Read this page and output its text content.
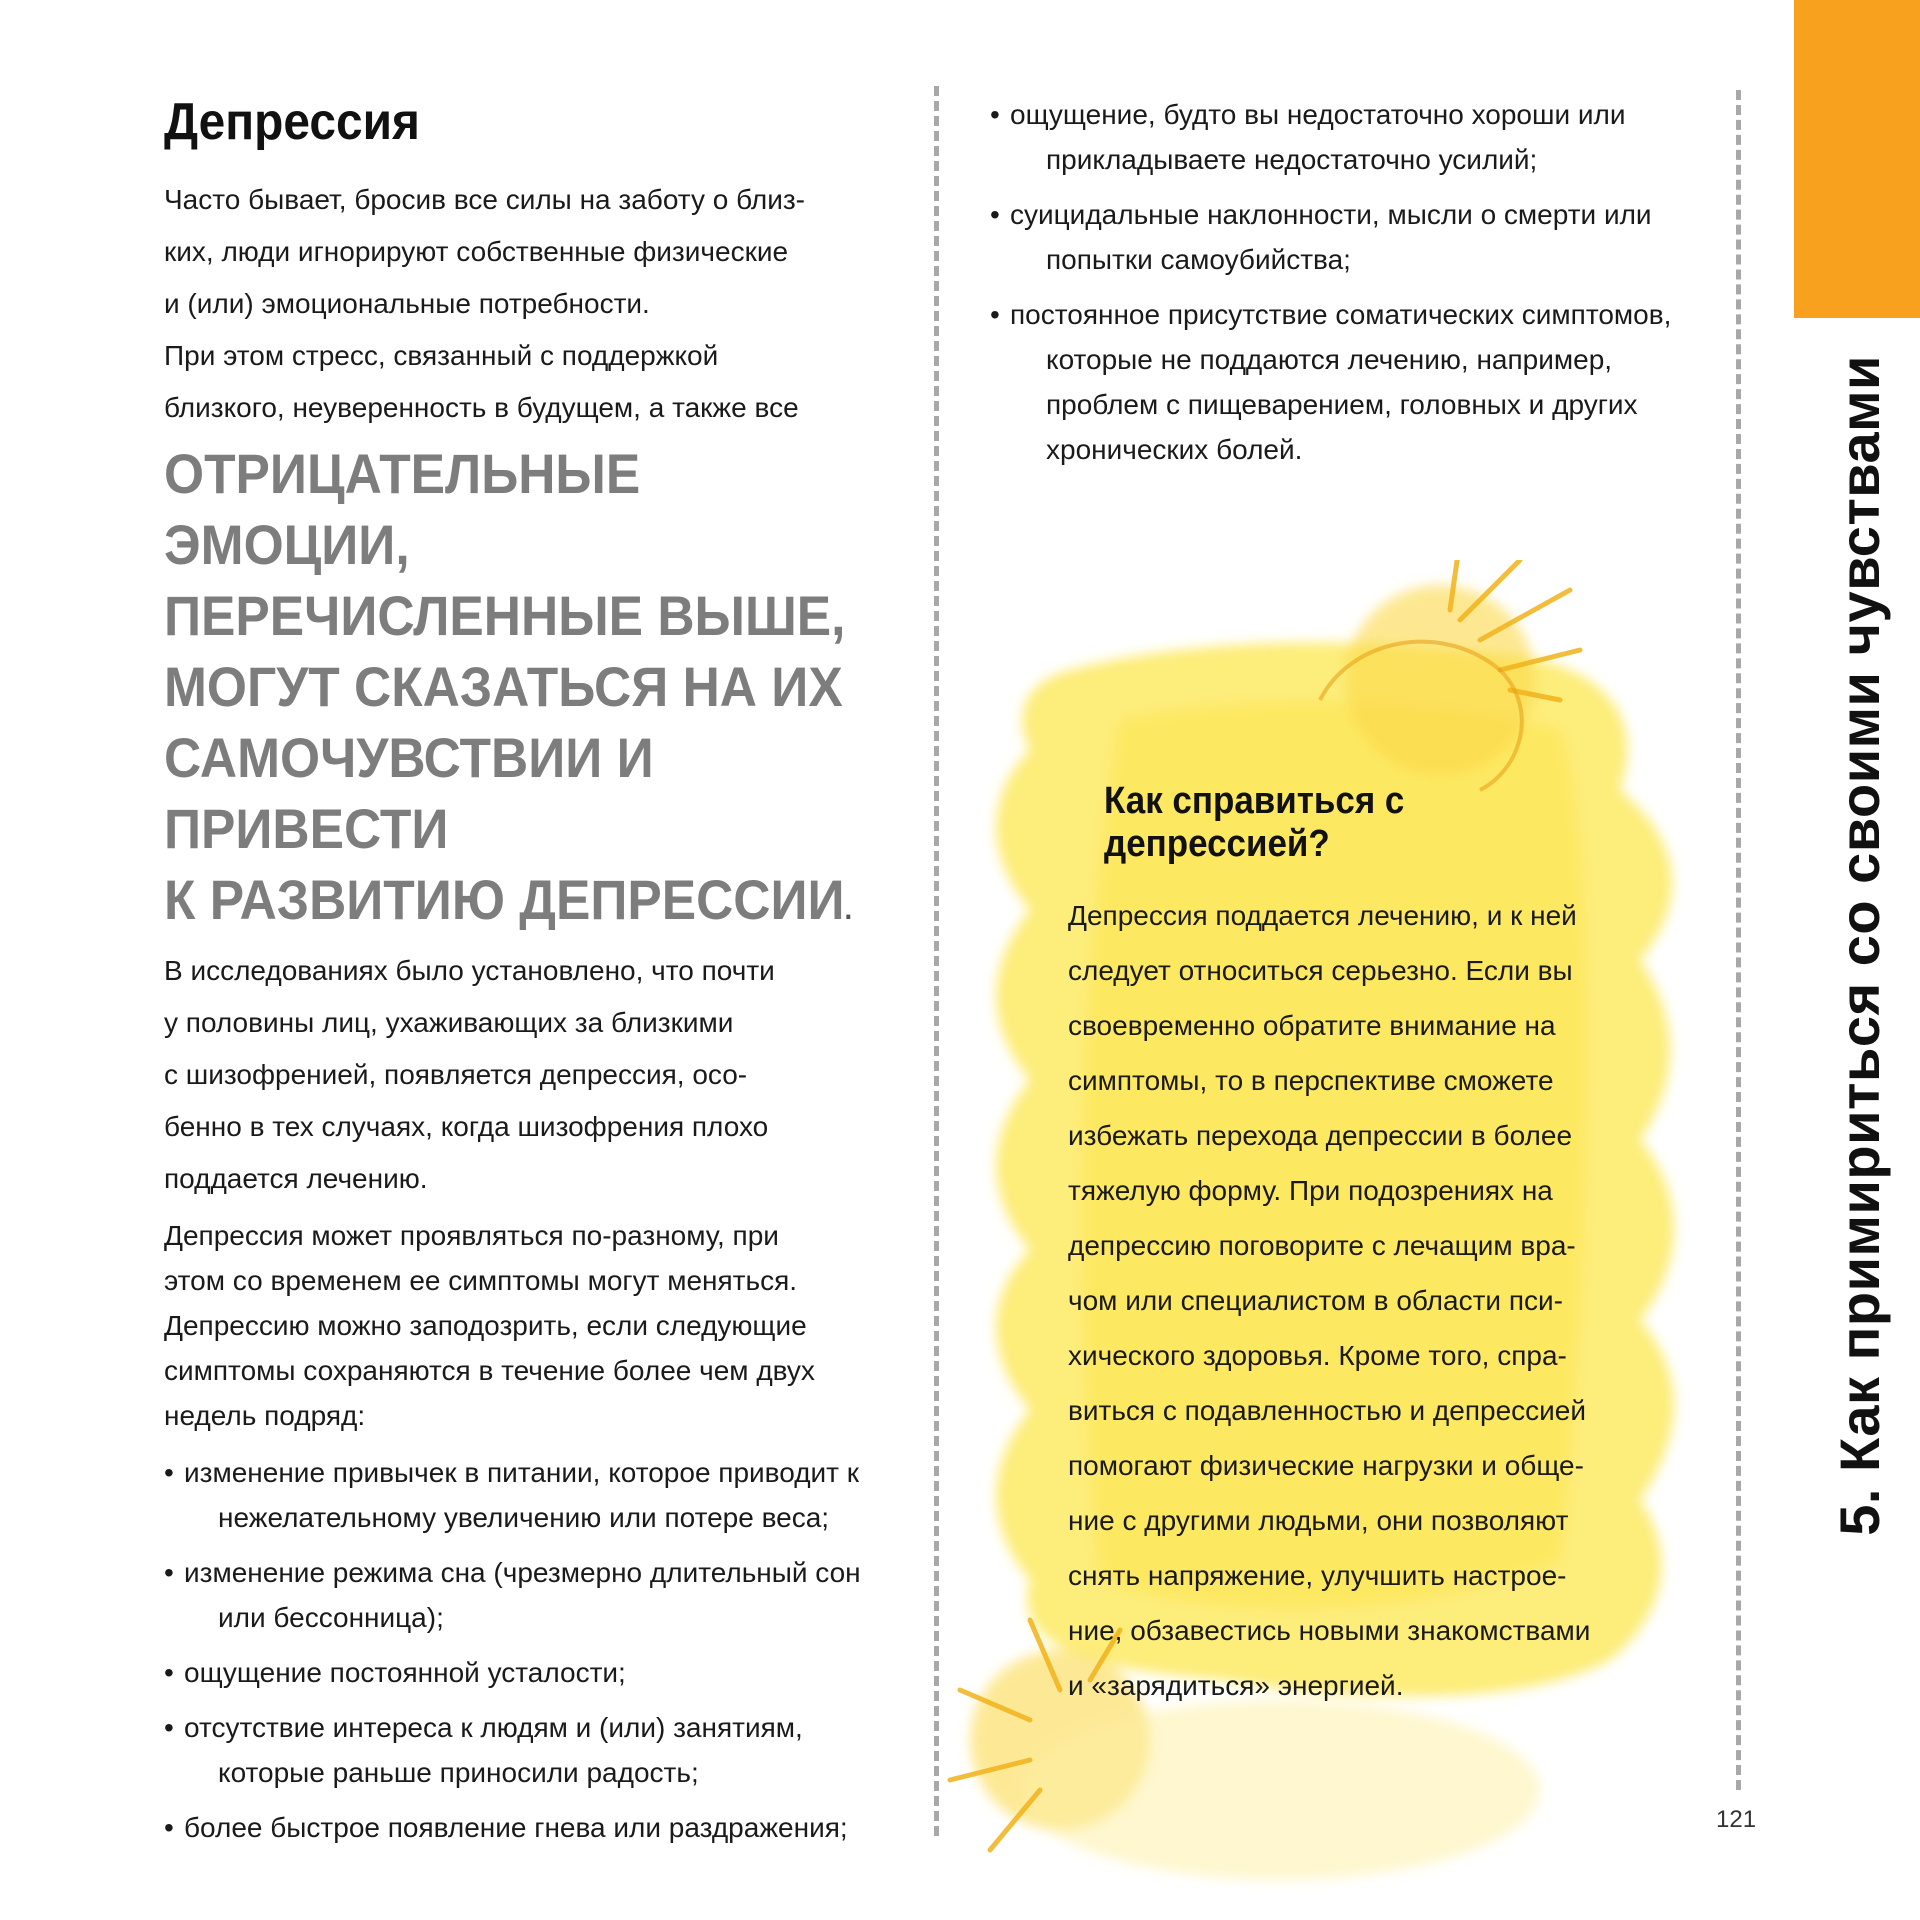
5. Как примириться со своими чувствами
Депрессия

Часто бывает, бросив все силы на заботу о близ-

ких, люди игнорируют собственные физические

и (или) эмоциональные потребности.

При этом стресс, связанный с поддержкой

близкого, неуверенность в будущем, а также все

ОТРИЦАТЕЛЬНЫЕ ЭМОЦИИ,
ПЕРЕЧИСЛЕННЫЕ ВЫШЕ,
МОГУТ СКАЗАТЬСЯ НА ИХ
САМОЧУВСТВИИ И ПРИВЕСТИ
К РАЗВИТИЮ ДЕПРЕССИИ.

В исследованиях было установлено, что почти

у половины лиц, ухаживающих за близкими

с шизофренией, появляется депрессия, осо-

бенно в тех случаях, когда шизофрения плохо

поддается лечению.

Депрессия может проявляться по-разному, при

этом со временем ее симптомы могут меняться.

Депрессию можно заподозрить, если следующие

симптомы сохраняются в течение более чем двух

недель подряд:

• изменение привычек в питании, которое приводит к нежелательному увеличению или потере веса;
• изменение режима сна (чрезмерно длительный сон или бессонница);
• ощущение постоянной усталости;
• отсутствие интереса к людям и (или) занятиям, которые раньше приносили радость;
• более быстрое появление гнева или раздражения;
• ощущение, будто вы недостаточно хороши или прикладываете недостаточно усилий;
• суицидальные наклонности, мысли о смерти или попытки самоубийства;
• постоянное присутствие соматических симптомов, которые не поддаются лечению, например, проблем с пищеварением, головных и других хронических болей.
Как справиться с депрессией?

Депрессия поддается лечению, и к ней

следует относиться серьезно. Если вы

своевременно обратите внимание на

симптомы, то в перспективе сможете

избежать перехода депрессии в более

тяжелую форму. При подозрениях на

депрессию поговорите с лечащим вра-

чом или специалистом в области пси-

хического здоровья. Кроме того, спра-

виться с подавленностью и депрессией

помогают физические нагрузки и обще-

ние с другими людьми, они позволяют

снять напряжение, улучшить настрое-

ние, обзавестись новыми знакомствами

и «зарядиться» энергией.

121
